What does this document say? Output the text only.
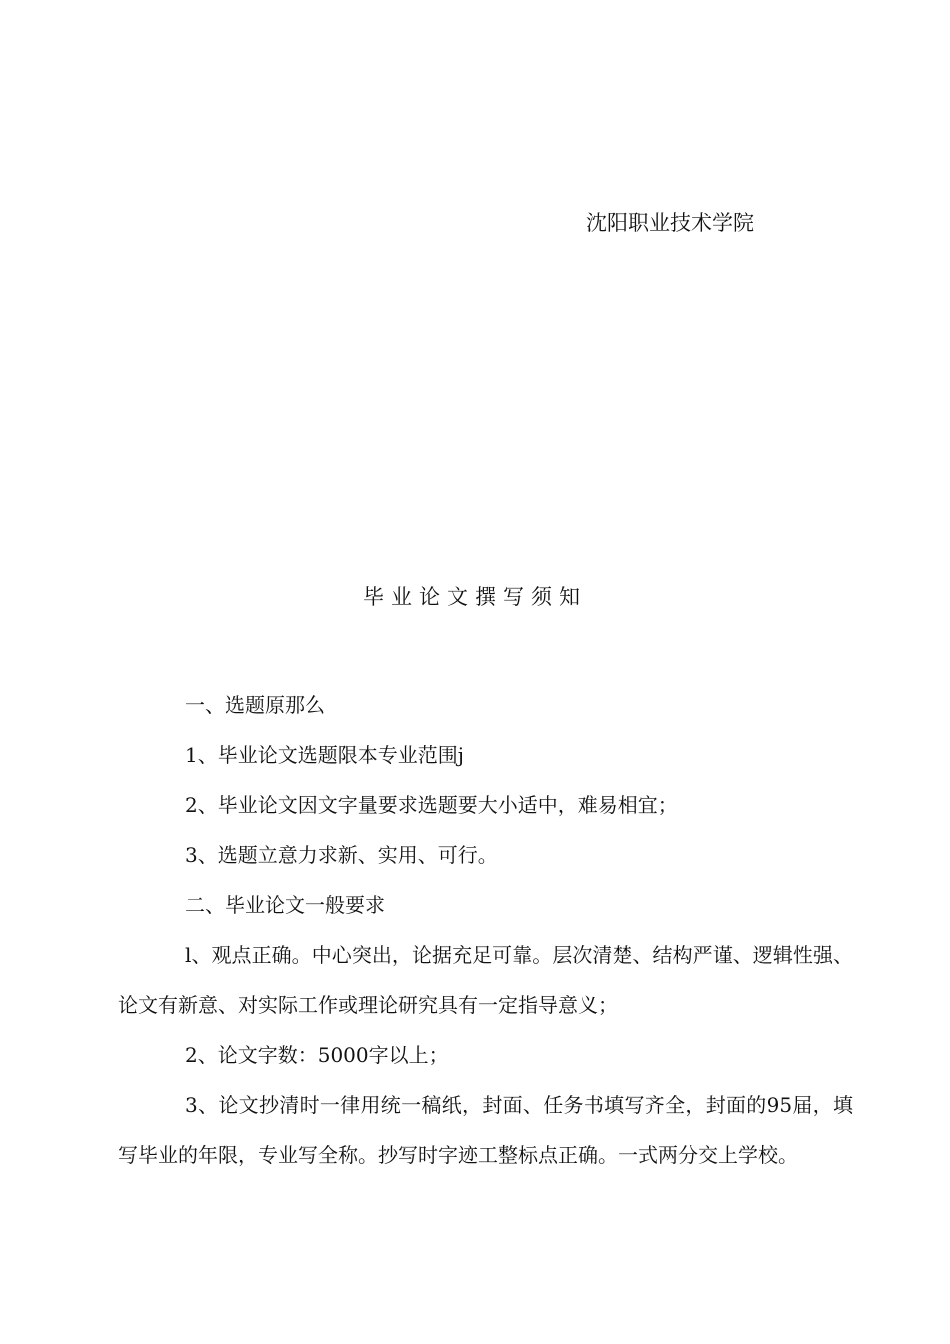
沈阳职业技术学院
毕业论文撰写须知

一、选题原那么

1、毕业论文选题限本专业范围j

2、毕业论文因文字量要求选题要大小适中，难易相宜；

3、选题立意力求新、实用、可行。

二、毕业论文一般要求

l、观点正确。中心突出，论据充足可靠。层次清楚、结构严谨、逻辑性强、论文有新意、对实际工作或理论研究具有一定指导意义；

2、论文字数：5000字以上；

3、论文抄清时一律用统一稿纸，封面、任务书填写齐全，封面的95届，填写毕业的年限，专业写全称。抄写时字迹工整标点正确。一式两分交上学校。
